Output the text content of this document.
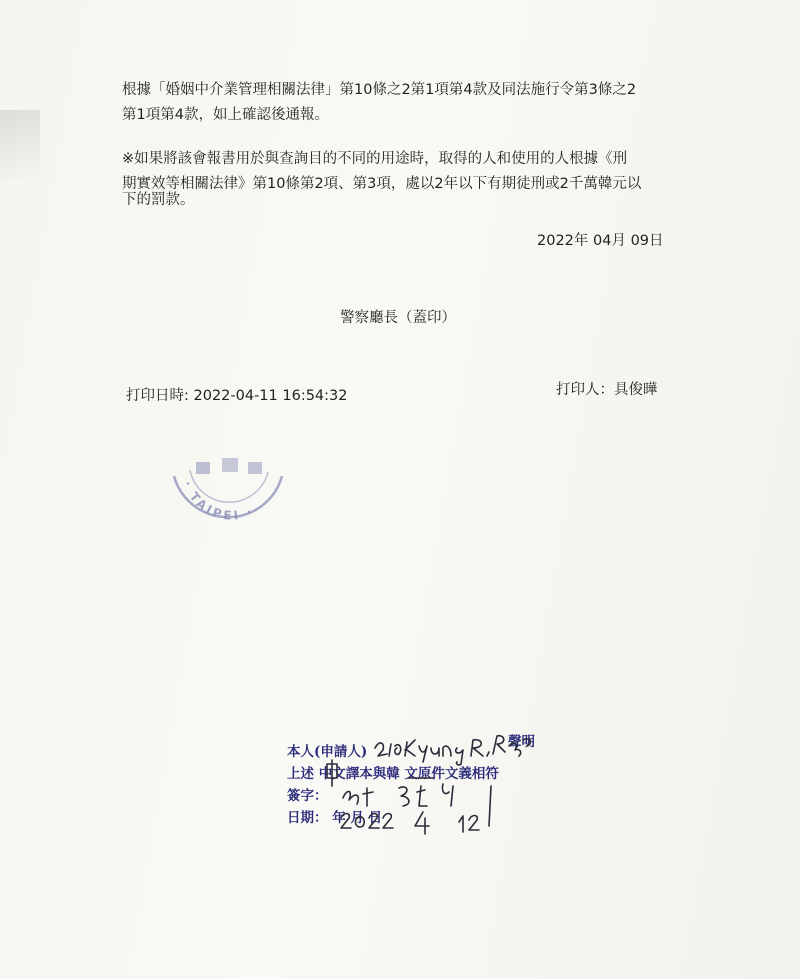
根據「婚姻中介業管理相關法律」第10條之2第1項第4款及同法施行令第3條之2
第1項第4款，如上確認後通報。
※如果將該會報書用於與查詢目的不同的用途時，取得的人和使用的人根據《刑
期實效等相關法律》第10條第2項、第3項，處以2年以下有期徒刑或2千萬韓元以
下的罰款。
2022年 04月 09日
警察廳長（蓋印）
打印日時: 2022-04-11 16:54:32	打印人：具俊曄
· TAIPEI ·
本人(申請人)
聲明
上述 中文譯本與韓 文原件文義相符
簽字：
日期： 年 月 日
